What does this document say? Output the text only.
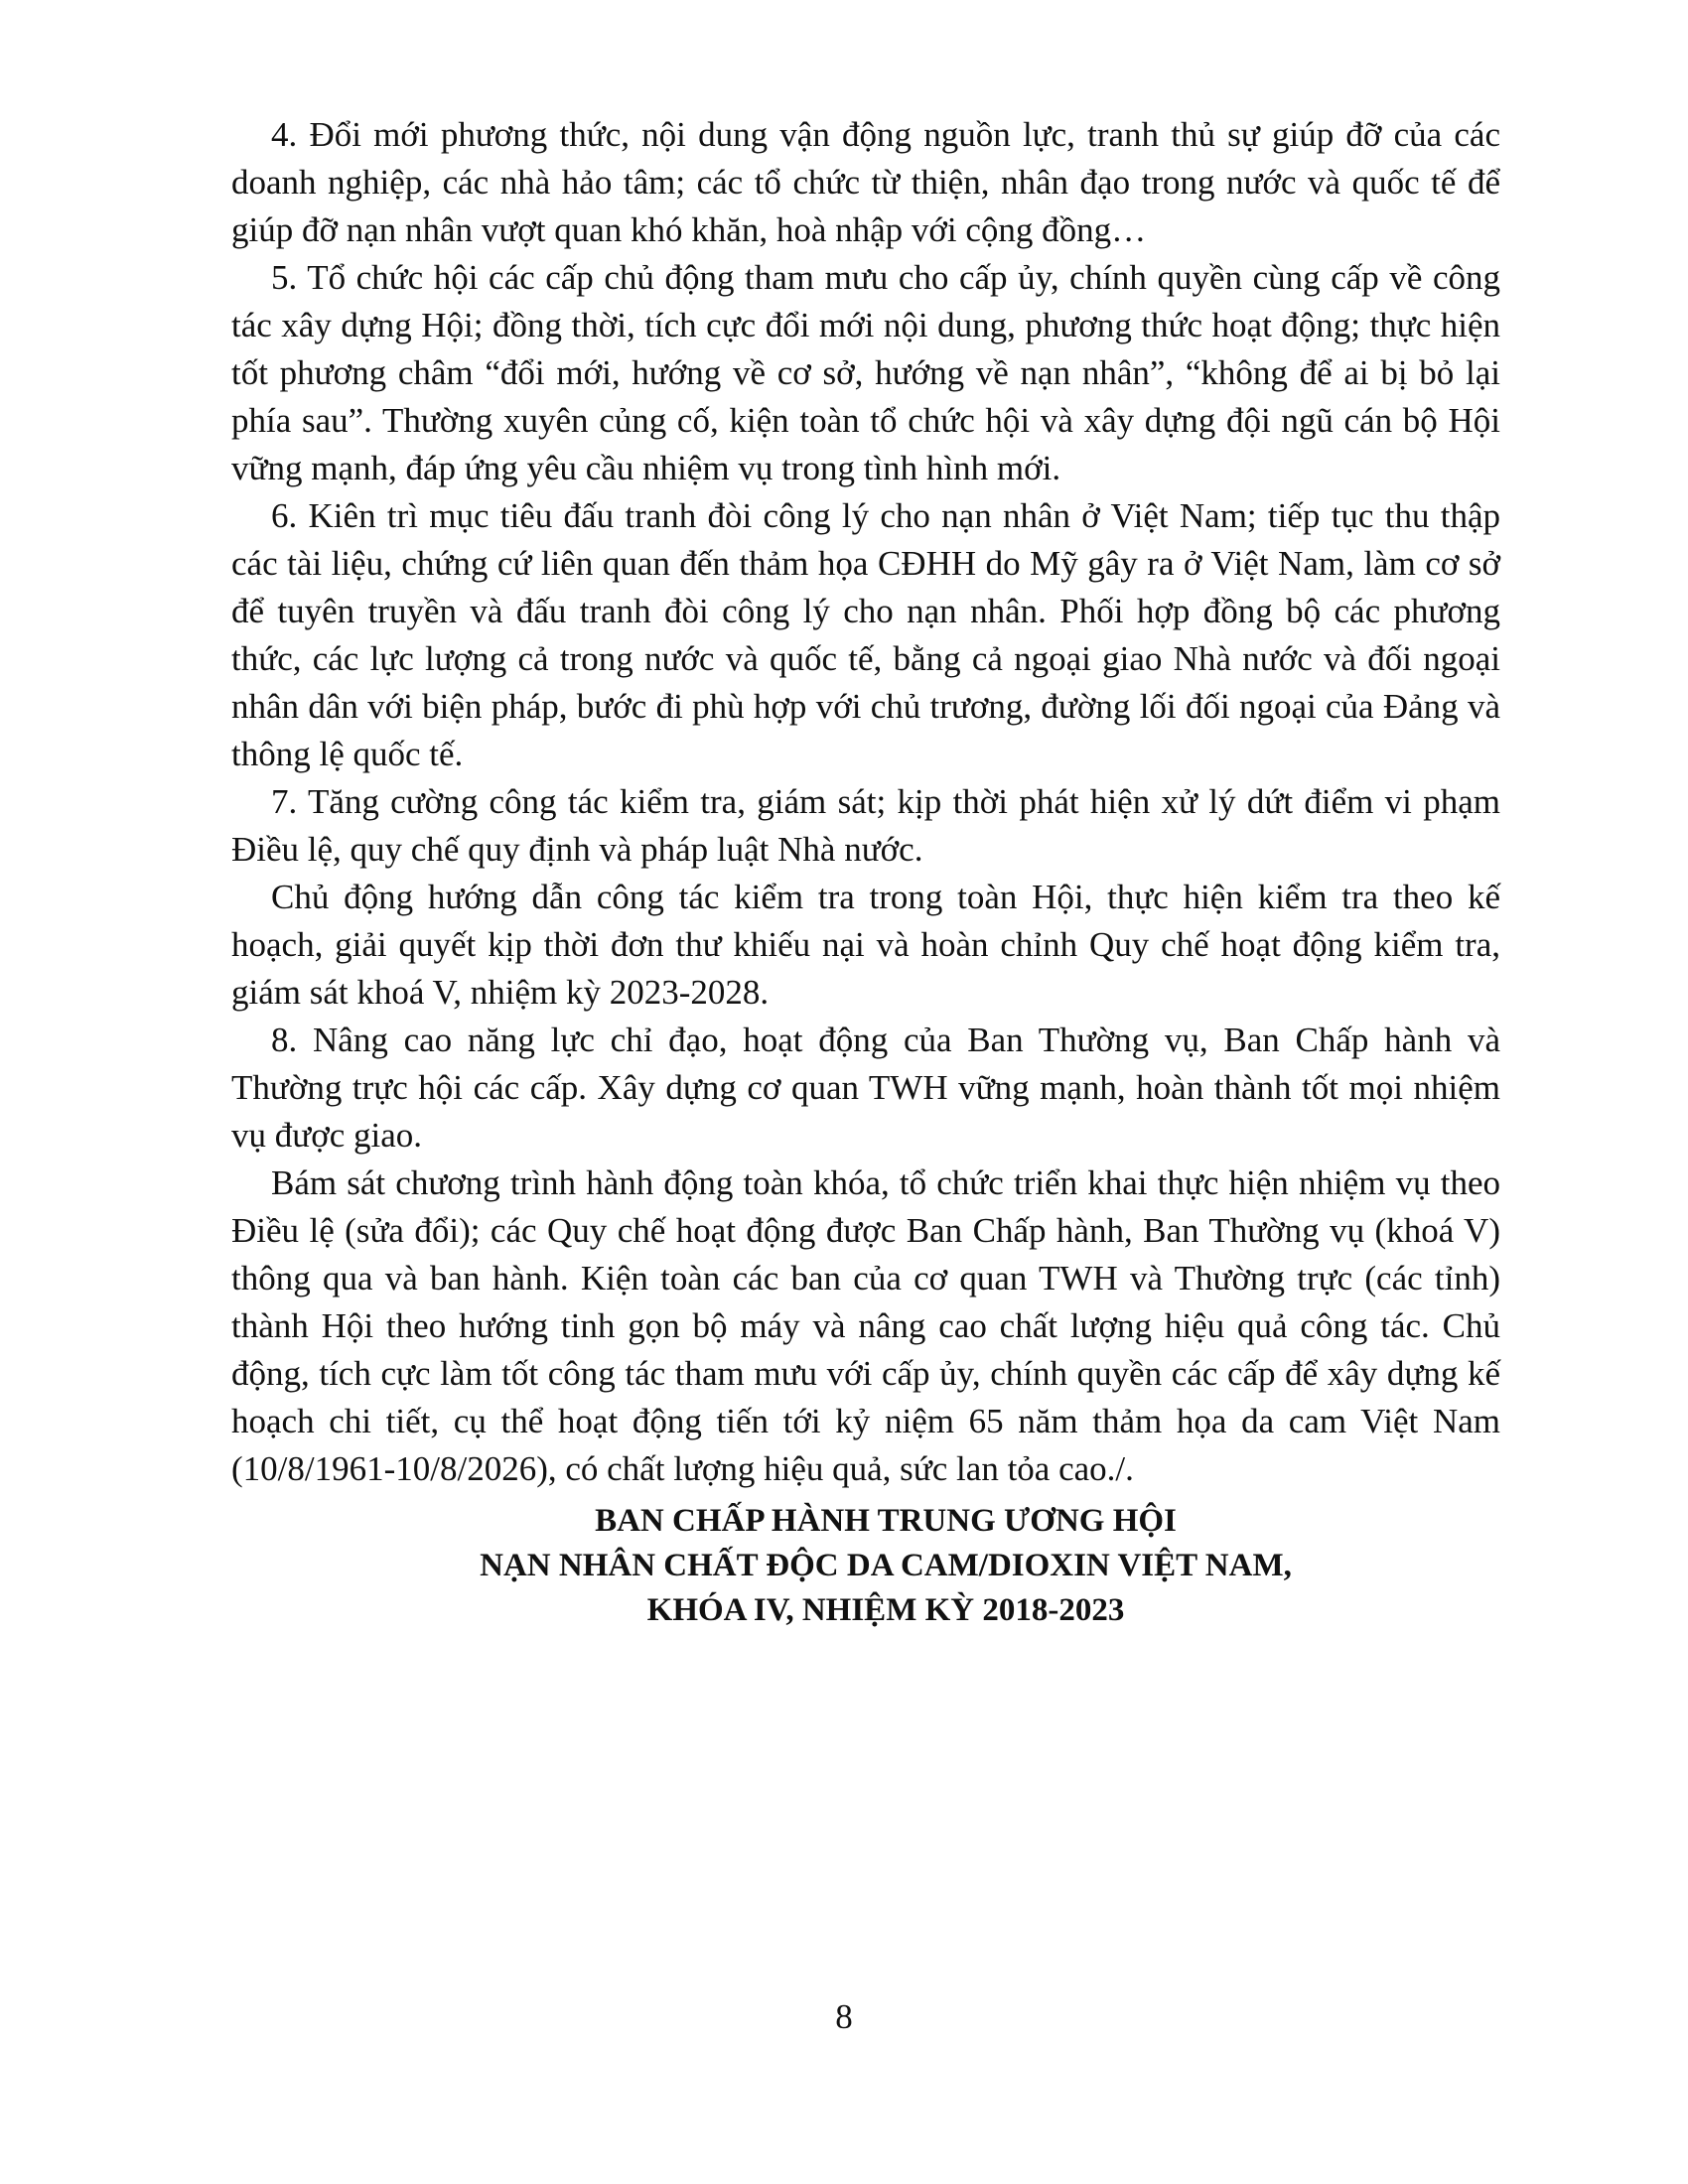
4. Đổi mới phương thức, nội dung vận động nguồn lực, tranh thủ sự giúp đỡ của các doanh nghiệp, các nhà hảo tâm; các tổ chức từ thiện, nhân đạo trong nước và quốc tế để giúp đỡ nạn nhân vượt quan khó khăn, hoà nhập với cộng đồng…

5. Tổ chức hội các cấp chủ động tham mưu cho cấp ủy, chính quyền cùng cấp về công tác xây dựng Hội; đồng thời, tích cực đổi mới nội dung, phương thức hoạt động; thực hiện tốt phương châm “đổi mới, hướng về cơ sở, hướng về nạn nhân”, “không để ai bị bỏ lại phía sau”. Thường xuyên củng cố, kiện toàn tổ chức hội và xây dựng đội ngũ cán bộ Hội vững mạnh, đáp ứng yêu cầu nhiệm vụ trong tình hình mới.

6. Kiên trì mục tiêu đấu tranh đòi công lý cho nạn nhân ở Việt Nam; tiếp tục thu thập các tài liệu, chứng cứ liên quan đến thảm họa CĐHH do Mỹ gây ra ở Việt Nam, làm cơ sở để tuyên truyền và đấu tranh đòi công lý cho nạn nhân. Phối hợp đồng bộ các phương thức, các lực lượng cả trong nước và quốc tế, bằng cả ngoại giao Nhà nước và đối ngoại nhân dân với biện pháp, bước đi phù hợp với chủ trương, đường lối đối ngoại của Đảng và thông lệ quốc tế.

7. Tăng cường công tác kiểm tra, giám sát; kịp thời phát hiện xử lý dứt điểm vi phạm Điều lệ, quy chế quy định và pháp luật Nhà nước.

Chủ động hướng dẫn công tác kiểm tra trong toàn Hội, thực hiện kiểm tra theo kế hoạch, giải quyết kịp thời đơn thư khiếu nại và hoàn chỉnh Quy chế hoạt động kiểm tra, giám sát khoá V, nhiệm kỳ 2023-2028.

8. Nâng cao năng lực chỉ đạo, hoạt động của Ban Thường vụ, Ban Chấp hành và Thường trực hội các cấp. Xây dựng cơ quan TWH vững mạnh, hoàn thành tốt mọi nhiệm vụ được giao.

Bám sát chương trình hành động toàn khóa, tổ chức triển khai thực hiện nhiệm vụ theo Điều lệ (sửa đổi); các Quy chế hoạt động được Ban Chấp hành, Ban Thường vụ (khoá V) thông qua và ban hành. Kiện toàn các ban của cơ quan TWH và Thường trực (các tỉnh) thành Hội theo hướng tinh gọn bộ máy và nâng cao chất lượng hiệu quả công tác. Chủ động, tích cực làm tốt công tác tham mưu với cấp ủy, chính quyền các cấp để xây dựng kế hoạch chi tiết, cụ thể hoạt động tiến tới kỷ niệm 65 năm thảm họa da cam Việt Nam (10/8/1961-10/8/2026), có chất lượng hiệu quả, sức lan tỏa cao./.

BAN CHẤP HÀNH TRUNG ƯƠNG HỘI
NẠN NHÂN CHẤT ĐỘC DA CAM/DIOXIN VIỆT NAM,
KHÓA IV, NHIỆM KỲ 2018-2023
8
